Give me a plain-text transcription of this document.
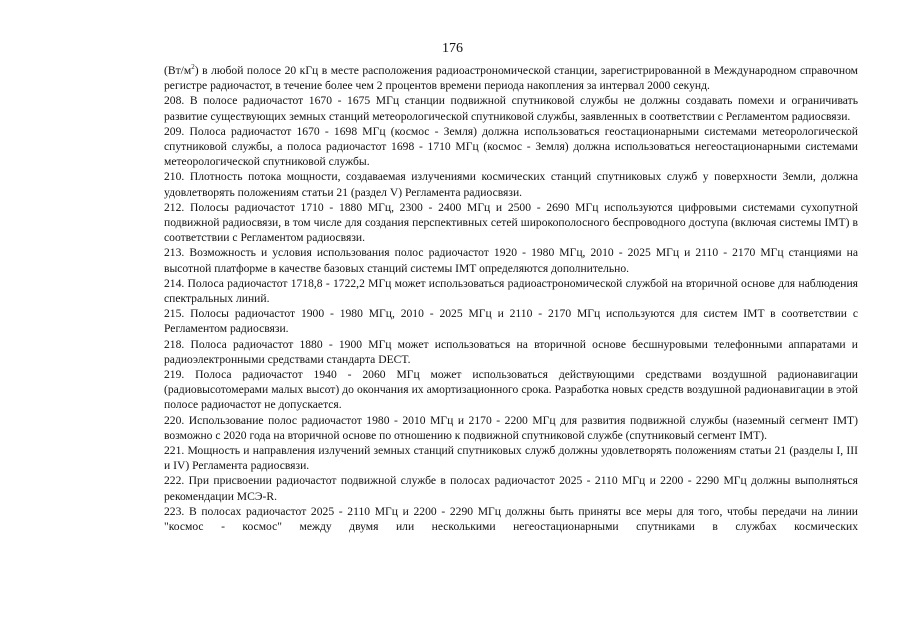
176

$(Вт/м^2)$ в любой полосе 20 кГц в месте расположения радиоастрономической станции, зарегистрированной в Международном справочном регистре радиочастот, в течение более чем 2 процентов времени периода накопления за интервал 2000 секунд.

208. В полосе радиочастот 1670 - 1675 МГц станции подвижной спутниковой службы не должны создавать помехи и ограничивать развитие существующих земных станций метеорологической спутниковой службы, заявленных в соответствии с Регламентом радиосвязи.

209. Полоса радиочастот 1670 - 1698 МГц (космос - Земля) должна использоваться геостационарными системами метеорологической спутниковой службы, а полоса радиочастот 1698 - 1710 МГц (космос - Земля) должна использоваться негеостационарными системами метеорологической спутниковой службы.

210. Плотность потока мощности, создаваемая излучениями космических станций спутниковых служб у поверхности Земли, должна удовлетворять положениям статьи 21 (раздел V) Регламента радиосвязи.

212. Полосы радиочастот 1710 - 1880 МГц, 2300 - 2400 МГц и 2500 - 2690 МГц используются цифровыми системами сухопутной подвижной радиосвязи, в том числе для создания перспективных сетей широкополосного беспроводного доступа (включая системы IMT) в соответствии с Регламентом радиосвязи.

213. Возможность и условия использования полос радиочастот 1920 - 1980 МГц, 2010 - 2025 МГц и 2110 - 2170 МГц станциями на высотной платформе в качестве базовых станций системы IMT определяются дополнительно.

214. Полоса радиочастот 1718,8 - 1722,2 МГц может использоваться радиоастрономической службой на вторичной основе для наблюдения спектральных линий.

215. Полосы радиочастот 1900 - 1980 МГц, 2010 - 2025 МГц и 2110 - 2170 МГц используются для систем IMT в соответствии с Регламентом радиосвязи.

218. Полоса радиочастот 1880 - 1900 МГц может использоваться на вторичной основе бесшнуровыми телефонными аппаратами и радиоэлектронными средствами стандарта DECT.

219. Полоса радиочастот 1940 - 2060 МГц может использоваться действующими средствами воздушной радионавигации (радиовысотомерами малых высот) до окончания их амортизационного срока. Разработка новых средств воздушной радионавигации в этой полосе радиочастот не допускается.

220. Использование полос радиочастот 1980 - 2010 МГц и 2170 - 2200 МГц для развития подвижной службы (наземный сегмент IMT) возможно с 2020 года на вторичной основе по отношению к подвижной спутниковой службе (спутниковый сегмент IMT).

221. Мощность и направления излучений земных станций спутниковых служб должны удовлетворять положениям статьи 21 (разделы I, III и IV) Регламента радиосвязи.

222. При присвоении радиочастот подвижной службе в полосах радиочастот 2025 - 2110 МГц и 2200 - 2290 МГц должны выполняться рекомендации МСЭ-R.

223. В полосах радиочастот 2025 - 2110 МГц и 2200 - 2290 МГц должны быть приняты все меры для того, чтобы передачи на линии "космос - космос" между двумя или несколькими негеостационарными спутниками в службах космических
